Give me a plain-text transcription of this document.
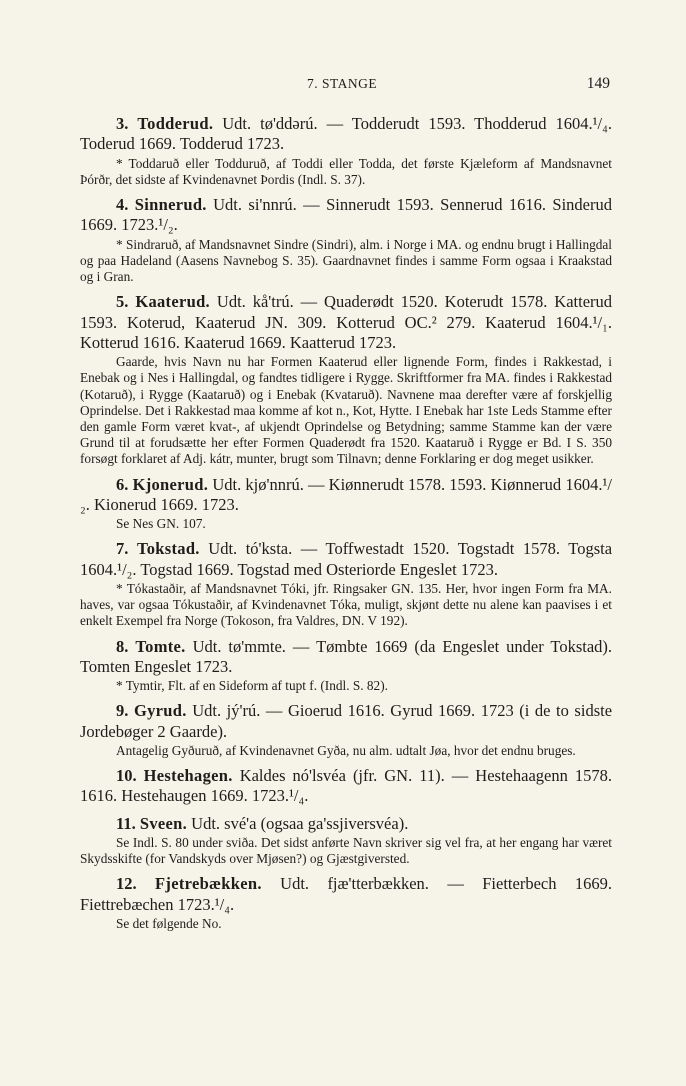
7. STANGE	149

3. Todderud. Udt. tø'ddərú. — Todderudt 1593. Thodderud 1604.¹/₄. Toderud 1669. Todderud 1723.

* Toddaruð eller Todduruð, af Toddi eller Todda, det første Kjæleform af Mandsnavnet Þórðr, det sidste af Kvindenavnet Þordis (Indl. S. 37).

4. Sinnerud. Udt. si'nnrú. — Sinnerudt 1593. Sennerud 1616. Sinderud 1669. 1723.¹/₂.

* Sindraruð, af Mandsnavnet Sindre (Sindri), alm. i Norge i MA. og endnu brugt i Hallingdal og paa Hadeland (Aasens Navnebog S. 35). Gaardnavnet findes i samme Form ogsaa i Kraakstad og i Gran.

5. Kaaterud. Udt. kå'trú. — Quaderødt 1520. Koterudt 1578. Katterud 1593. Koterud, Kaaterud JN. 309. Kotterud OC.² 279. Kaaterud 1604.¹/₁. Kotterud 1616. Kaaterud 1669. Kaatterud 1723.

Gaarde, hvis Navn nu har Formen Kaaterud eller lignende Form, findes i Rakkestad, i Enebak og i Nes i Hallingdal, og fandtes tidligere i Rygge. Skriftformer fra MA. findes i Rakkestad (Kotaruð), i Rygge (Kaataruð) og i Enebak (Kvataruð). Navnene maa derefter være af forskjellig Oprindelse. Det i Rakkestad maa komme af kot n., Kot, Hytte. I Enebak har 1ste Leds Stamme efter den gamle Form været kvat-, af ukjendt Oprindelse og Betydning; samme Stamme kan der være Grund til at forudsætte her efter Formen Quaderødt fra 1520. Kaataruð i Rygge er Bd. I S. 350 forsøgt forklaret af Adj. kátr, munter, brugt som Tilnavn; denne Forklaring er dog meget usikker.

6. Kjonerud. Udt. kjø'nnrú. — Kiønnerudt 1578. 1593. Kiønnerud 1604.¹/₂. Kionerud 1669. 1723.

Se Nes GN. 107.

7. Tokstad. Udt. tó'ksta. — Toffwestadt 1520. Togstadt 1578. Togsta 1604.¹/₂. Togstad 1669. Togstad med Osteriorde Engeslet 1723.

* Tókastaðir, af Mandsnavnet Tóki, jfr. Ringsaker GN. 135. Her, hvor ingen Form fra MA. haves, var ogsaa Tókustaðir, af Kvindenavnet Tóka, muligt, skjønt dette nu alene kan paavises i et enkelt Exempel fra Norge (Tokoson, fra Valdres, DN. V 192).

8. Tomte. Udt. tø'mmte. — Tømbte 1669 (da Engeslet under Tokstad). Tomten Engeslet 1723.

* Tymtir, Flt. af en Sideform af tupt f. (Indl. S. 82).

9. Gyrud. Udt. jý'rú. — Gioerud 1616. Gyrud 1669. 1723 (i de to sidste Jordebøger 2 Gaarde).

Antagelig Gyðuruð, af Kvindenavnet Gyða, nu alm. udtalt Jøa, hvor det endnu bruges.

10. Hestehagen. Kaldes nó'lsvéa (jfr. GN. 11). — Hestehaagenn 1578. 1616. Hestehaugen 1669. 1723.¹/₄.

11. Sveen. Udt. své'a (ogsaa ga'ssjiversvéa).

Se Indl. S. 80 under sviða. Det sidst anførte Navn skriver sig vel fra, at her engang har været Skydsskifte (for Vandskyds over Mjøsen?) og Gjæstgiversted.

12. Fjetrebækken. Udt. fjæ'tterbækken. — Fietterbech 1669. Fiettrebæchen 1723.¹/₄.

Se det følgende No.
